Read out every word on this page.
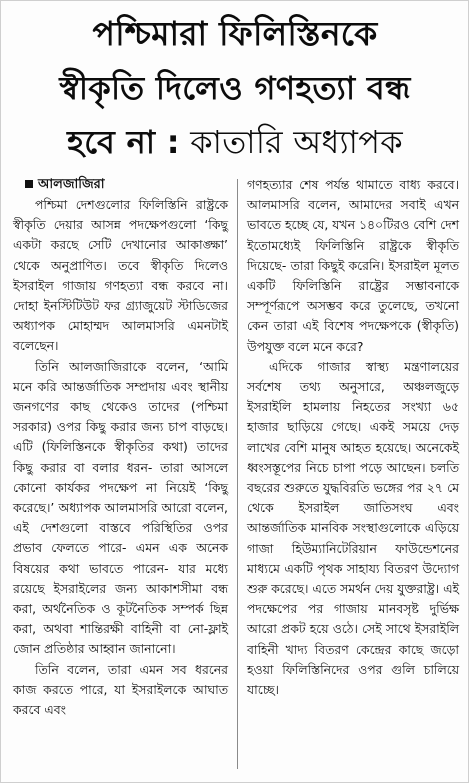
পশ্চিমারা ফিলিস্তিনকে
স্বীকৃতি দিলেও গণহত্যা বন্ধ
হবে না : কাতারি অধ্যাপক
আলজাজিরা

পশ্চিমা দেশগুলোর ফিলিস্তিনি রাষ্ট্রকে স্বীকৃতি দেয়ার আসন্ন পদক্ষেপগুলো ‘কিছু একটা করছে সেটি দেখানোর আকাঙ্ক্ষা’ থেকে অনুপ্রাণিত। তবে স্বীকৃতি দিলেও ইসরাইল গাজায় গণহত্যা বন্ধ করবে না। দোহা ইনস্টিটিউট ফর গ্র্যাজুয়েট স্টাডিজের অধ্যাপক মোহাম্মদ আলমাসরি এমনটাই বলেছেন।

তিনি আলজাজিরাকে বলেন, ‘আমি মনে করি আন্তর্জাতিক সম্প্রদায় এবং স্থানীয় জনগণের কাছ থেকেও তাদের (পশ্চিমা সরকার) ওপর কিছু করার জন্য চাপ বাড়ছে। এটি (ফিলিস্তিনকে স্বীকৃতির কথা) তাদের কিছু করার বা বলার ধরন- তারা আসলে কোনো কার্যকর পদক্ষেপ না নিয়েই ‘কিছু করেছে।’ অধ্যাপক আলমাসরি আরো বলেন, এই দেশগুলো বাস্তবে পরিস্থিতির ওপর প্রভাব ফেলতে পারে- এমন এক অনেক বিষয়ের কথা ভাবতে পারেন- যার মধ্যে রয়েছে ইসরাইলের জন্য আকাশসীমা বন্ধ করা, অর্থনৈতিক ও কূটনৈতিক সম্পর্ক ছিন্ন করা, অথবা শান্তিরক্ষী বাহিনী বা নো-ফ্লাই জোন প্রতিষ্ঠার আহ্বান জানানো।

তিনি বলেন, তারা এমন সব ধরনের কাজ করতে পারে, যা ইসরাইলকে আঘাত করবে এবং

গণহত্যার শেষ পর্যন্ত থামাতে বাধ্য করবে। আলমাসরি বলেন, আমাদের সবাই এখন ভাবতে হচ্ছে যে, যখন ১৪০টিরও বেশি দেশ ইতোমধ্যেই ফিলিস্তিনি রাষ্ট্রকে স্বীকৃতি দিয়েছে- তারা কিছুই করেনি। ইসরাইল মূলত একটি ফিলিস্তিনি রাষ্ট্রের সম্ভাবনাকে সম্পূর্ণরূপে অসম্ভব করে তুলেছে, তখনো কেন তারা এই বিশেষ পদক্ষেপকে (স্বীকৃতি) উপযুক্ত বলে মনে করে?

এদিকে গাজার স্বাস্থ্য মন্ত্রণালয়ের সর্বশেষ তথ্য অনুসারে, অঞ্চলজুড়ে ইসরাইলি হামলায় নিহতের সংখ্যা ৬৫ হাজার ছাড়িয়ে গেছে। একই সময়ে দেড় লাখের বেশি মানুষ আহত হয়েছে। অনেকেই ধ্বংসস্তূপের নিচে চাপা পড়ে আছেন। চলতি বছরের শুরুতে যুদ্ধবিরতি ভঙ্গের পর ২৭ মে থেকে ইসরাইল জাতিসংঘ এবং আন্তর্জাতিক মানবিক সংস্থাগুলোকে এড়িয়ে গাজা হিউম্যানিটেরিয়ান ফাউন্ডেশনের মাধ্যমে একটি পৃথক সাহায্য বিতরণ উদ্যোগ শুরু করেছে। এতে সমর্থন দেয় যুক্তরাষ্ট্র। এই পদক্ষেপের পর গাজায় মানবসৃষ্ট দুর্ভিক্ষ আরো প্রকট হয়ে ওঠে। সেই সাথে ইসরাইলি বাহিনী খাদ্য বিতরণ কেন্দ্রের কাছে জড়ো হওয়া ফিলিস্তিনিদের ওপর গুলি চালিয়ে যাচ্ছে।
